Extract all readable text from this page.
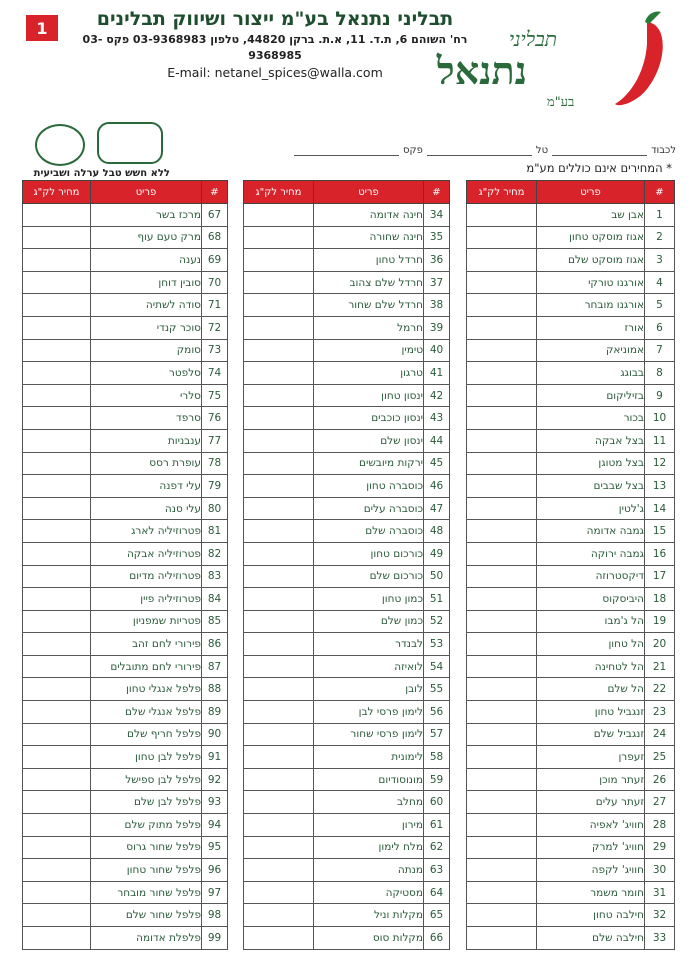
1	תבליני נתנאל בע"מ ייצור ושיווק תבלינים
רח' השוהם 6, ת.ד. 11, א.ת. ברקן 44820, טלפון 03-9368983 פקס 03-9368985
E-mail: netanel_spices@walla.com
תבליני
נתנאל
בע"מ
לכבוד
טל
פקס
* המחירים אינם כוללים מע"מ
ללא חשש טבל ערלה ושביעית
מחיר לק"ג	פריט	#
	אבן שב	1
	אגוז מוסקט טחון	2
	אגוז מוסקט שלם	3
	אורגנו טורקי	4
	אורגנו מובחר	5
	אורז	6
	אמוניאק	7
	בבוגג	8
	בזיליקום	9
	בכור	10
	בצל אבקה	11
	בצל מטוגן	12
	בצל שבבים	13
	ג'לטין	14
	גמבה אדומה	15
	גמבה ירוקה	16
	דיקסטרוזה	17
	היביסקוס	18
	הל ג'מבו	19
	הל טחון	20
	הל לטחינה	21
	הל שלם	22
	זנגביל טחון	23
	זנגביל שלם	24
	זעפרן	25
	זעתר מוכן	26
	זעתר עלים	27
	חוויג' לאפיה	28
	חוויג' למרק	29
	חוויג' לקפה	30
	חומר משמר	31
	חילבה טחון	32
	חילבה שלם	33
מחיר לק"ג	פריט	#
	חינה אדומה	34
	חינה שחורה	35
	חרדל טחון	36
	חרדל שלם צהוב	37
	חרדל שלם שחור	38
	חרמל	39
	טימין	40
	טרגון	41
	ינסון טחון	42
	ינסון כוכבים	43
	ינסון שלם	44
	ירקות מיובשים	45
	כוסברה טחון	46
	כוסברה עלים	47
	כוסברה שלם	48
	כורכום טחון	49
	כורכום שלם	50
	כמון טחון	51
	כמון שלם	52
	לבנדר	53
	לואיזה	54
	לובן	55
	לימון פרסי לבן	56
	לימון פרסי שחור	57
	לימונית	58
	מונוסודיום	59
	מחלב	60
	מירון	61
	מלח לימון	62
	מנתה	63
	מסטיקה	64
	מקלות וניל	65
	מקלות סוס	66
מחיר לק"ג	פריט	#
	מרכז בשר	67
	מרק טעם עוף	68
	נענה	69
	סובין דוחן	70
	סודה לשתיה	71
	סוכר קנדי	72
	סומק	73
	סלפטר	74
	סלרי	75
	סרפד	76
	ענבניות	77
	עופרת רסס	78
	עלי דפנה	79
	עלי סנה	80
	פטרוזיליה לארג	81
	פטרוזיליה אבקה	82
	פטרוזיליה מדיום	83
	פטרוזיליה פיין	84
	פטריות שמפניון	85
	פירורי לחם זהב	86
	פירורי לחם מתובלים	87
	פלפל אנגלי טחון	88
	פלפל אנגלי שלם	89
	פלפל חריף שלם	90
	פלפל לבן טחון	91
	פלפל לבן ספישל	92
	פלפל לבן שלם	93
	פלפל מתוק שלם	94
	פלפל שחור גרוס	95
	פלפל שחור טחון	96
	פלפל שחור מובחר	97
	פלפל שחור שלם	98
	פלפלת אדומה	99
